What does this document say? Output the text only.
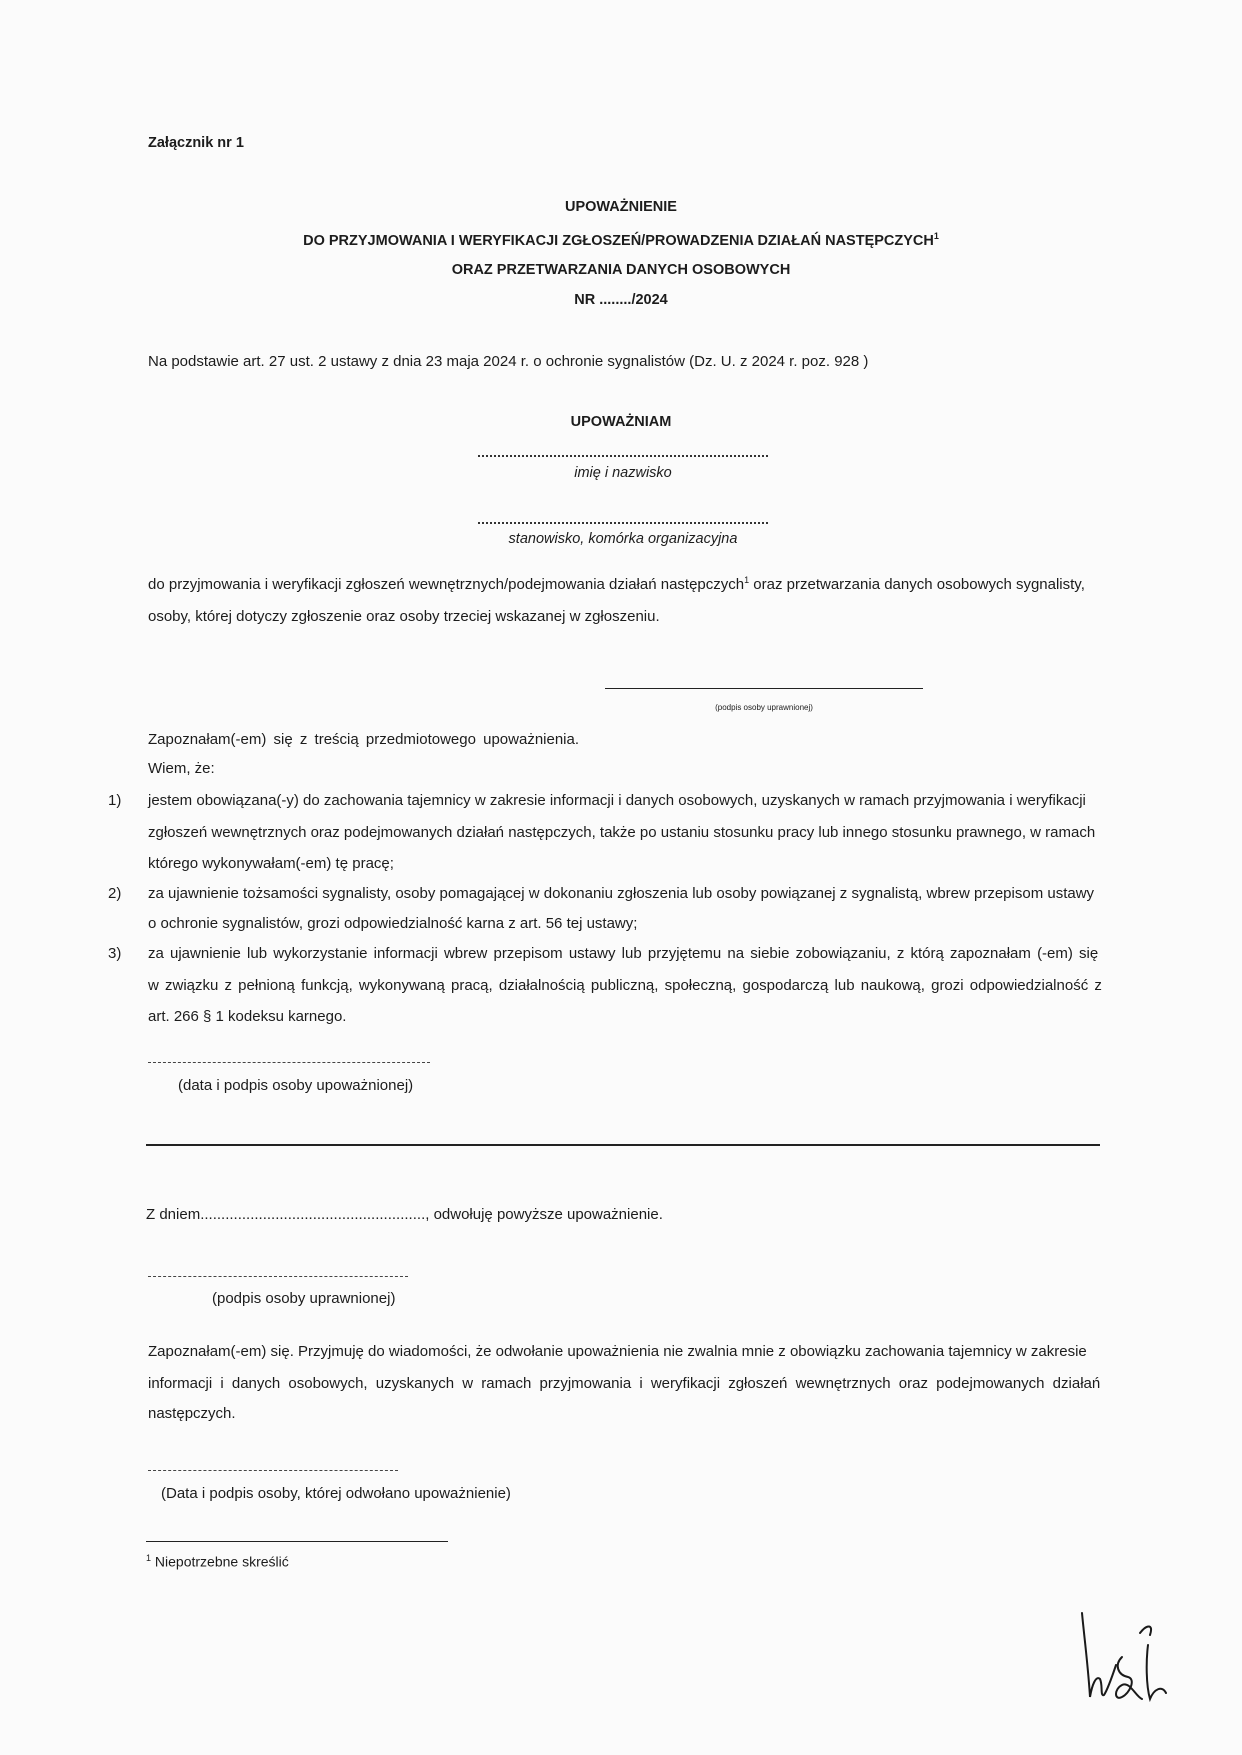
Załącznik nr 1
UPOWAŻNIENIE
DO PRZYJMOWANIA I WERYFIKACJI ZGŁOSZEŃ/PROWADZENIA DZIAŁAŃ NASTĘPCZYCH$^1$
ORAZ PRZETWARZANIA DANYCH OSOBOWYCH
NR ......../2024
Na podstawie art. 27 ust. 2 ustawy z dnia 23 maja 2024 r. o ochronie sygnalistów (Dz. U. z 2024 r. poz. 928 )
UPOWAŻNIAM
imię i nazwisko
stanowisko, komórka organizacyjna
do przyjmowania i weryfikacji zgłoszeń wewnętrznych/podejmowania działań następczych$^1$ oraz przetwarzania danych osobowych sygnalisty,
osoby, której dotyczy zgłoszenie oraz osoby trzeciej wskazanej w zgłoszeniu.
(podpis osoby uprawnionej)
Zapoznałam(-em) się z treścią przedmiotowego upoważnienia.
Wiem, że:
1) jestem obowiązana(-y) do zachowania tajemnicy w zakresie informacji i danych osobowych, uzyskanych w ramach przyjmowania i weryfikacji
zgłoszeń wewnętrznych oraz podejmowanych działań następczych, także po ustaniu stosunku pracy lub innego stosunku prawnego, w ramach
którego wykonywałam(-em) tę pracę;
2) za ujawnienie tożsamości sygnalisty, osoby pomagającej w dokonaniu zgłoszenia lub osoby powiązanej z sygnalistą, wbrew przepisom ustawy
o ochronie sygnalistów, grozi odpowiedzialność karna z art. 56 tej ustawy;
3) za ujawnienie lub wykorzystanie informacji wbrew przepisom ustawy lub przyjętemu na siebie zobowiązaniu, z którą zapoznałam (-em) się
w związku z pełnioną funkcją, wykonywaną pracą, działalnością publiczną, społeczną, gospodarczą lub naukową, grozi odpowiedzialność z
art. 266 § 1 kodeksu karnego.
(data i podpis osoby upoważnionej)
Z dniem......................................................, odwołuję powyższe upoważnienie.
(podpis osoby uprawnionej)
Zapoznałam(-em) się. Przyjmuję do wiadomości, że odwołanie upoważnienia nie zwalnia mnie z obowiązku zachowania tajemnicy w zakresie
informacji i danych osobowych, uzyskanych w ramach przyjmowania i weryfikacji zgłoszeń wewnętrznych oraz podejmowanych działań
następczych.
(Data i podpis osoby, której odwołano upoważnienie)
$^1$ Niepotrzebne skreślić
